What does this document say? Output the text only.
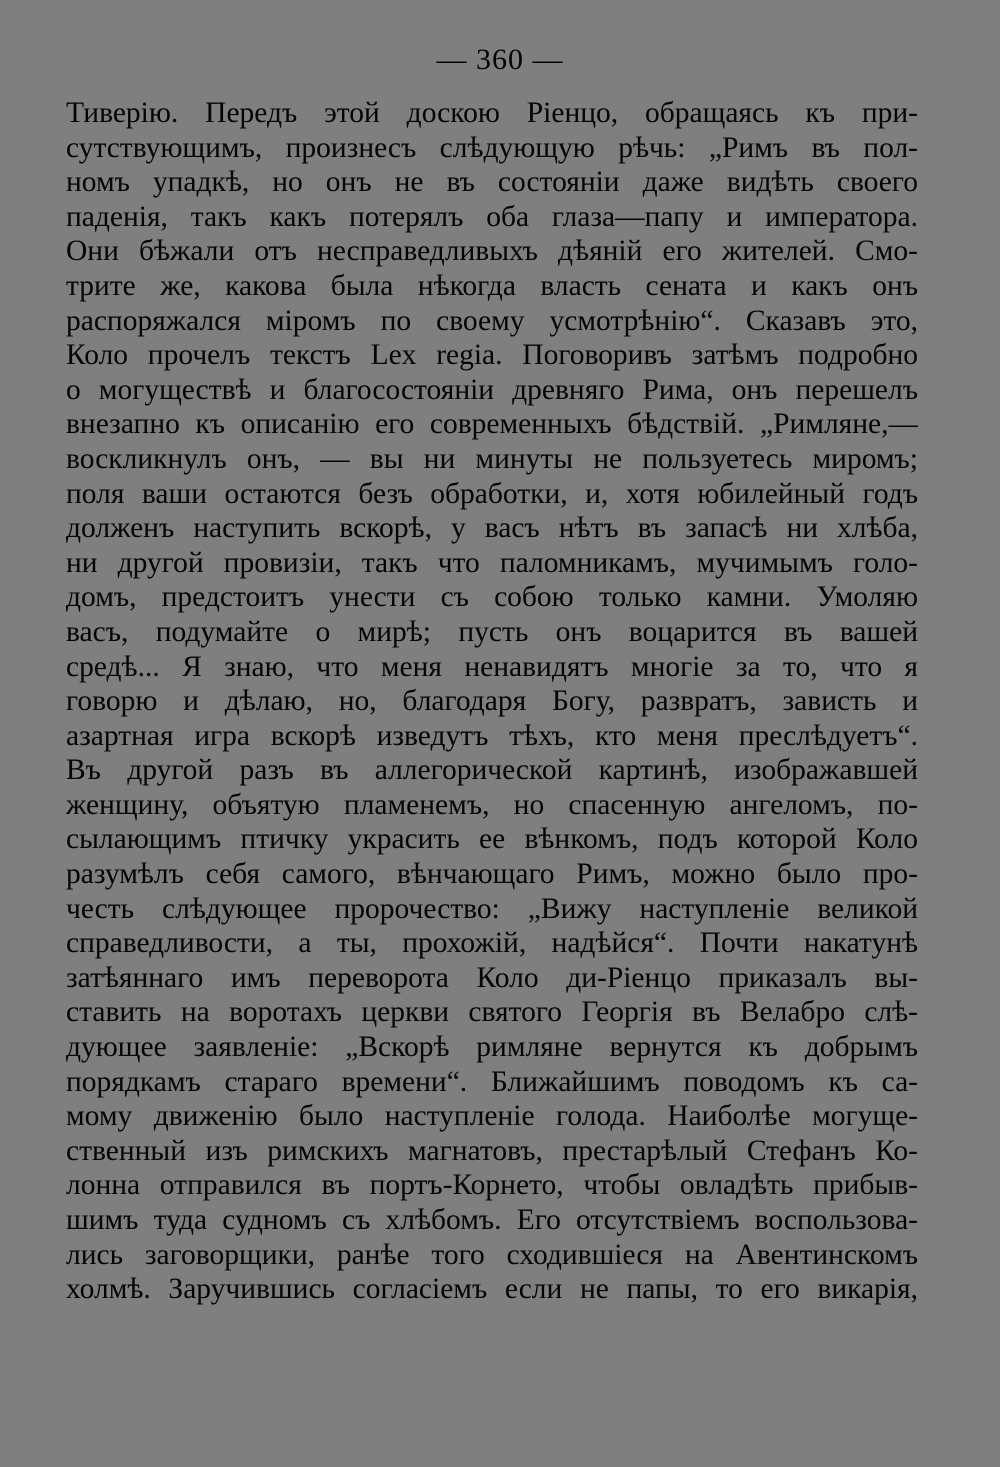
— 360 —
Тиверію. Передъ этой доскою Ріенцо, обращаясь къ при-
сутствующимъ, произнесъ слѣдующую рѣчь: „Римъ въ пол-
номъ упадкѣ, но онъ не въ состояніи даже видѣть своего
паденія, такъ какъ потерялъ оба глаза—папу и императора.
Они бѣжали отъ несправедливыхъ дѣяній его жителей. Смо-
трите же, какова была нѣкогда власть сената и какъ онъ
распоряжался міромъ по своему усмотрѣнію“. Сказавъ это,
Коло прочелъ текстъ Lex regia. Поговоривъ затѣмъ подробно
о могуществѣ и благосостояніи древняго Рима, онъ перешелъ
внезапно къ описанію его современныхъ бѣдствій. „Римляне,—
воскликнулъ онъ, — вы ни минуты не пользуетесь миромъ;
поля ваши остаются безъ обработки, и, хотя юбилейный годъ
долженъ наступить вскорѣ, у васъ нѣтъ въ запасѣ ни хлѣба,
ни другой провизіи, такъ что паломникамъ, мучимымъ голо-
домъ, предстоитъ унести съ собою только камни. Умоляю
васъ, подумайте о мирѣ; пусть онъ воцарится въ вашей
средѣ... Я знаю, что меня ненавидятъ многіе за то, что я
говорю и дѣлаю, но, благодаря Богу, развратъ, зависть и
азартная игра вскорѣ изведутъ тѣхъ, кто меня преслѣдуетъ“.
Въ другой разъ въ аллегорической картинѣ, изображавшей
женщину, объятую пламенемъ, но спасенную ангеломъ, по-
сылающимъ птичку украсить ее вѣнкомъ, подъ которой Коло
разумѣлъ себя самого, вѣнчающаго Римъ, можно было про-
честь слѣдующее пророчество: „Вижу наступленіе великой
справедливости, а ты, прохожій, надѣйся“. Почти накатунѣ
затѣяннаго имъ переворота Коло ди-Ріенцо приказалъ вы-
ставить на воротахъ церкви святого Георгія въ Велабро слѣ-
дующее заявленіе: „Вскорѣ римляне вернутся къ добрымъ
порядкамъ стараго времени“. Ближайшимъ поводомъ къ са-
мому движенію было наступленіе голода. Наиболѣе могуще-
ственный изъ римскихъ магнатовъ, престарѣлый Стефанъ Ко-
лонна отправился въ портъ-Корнето, чтобы овладѣть прибыв-
шимъ туда судномъ съ хлѣбомъ. Его отсутствіемъ воспользова-
лись заговорщики, ранѣе того сходившіеся на Авентинскомъ
холмѣ. Заручившись согласіемъ если не папы, то его викарія,
